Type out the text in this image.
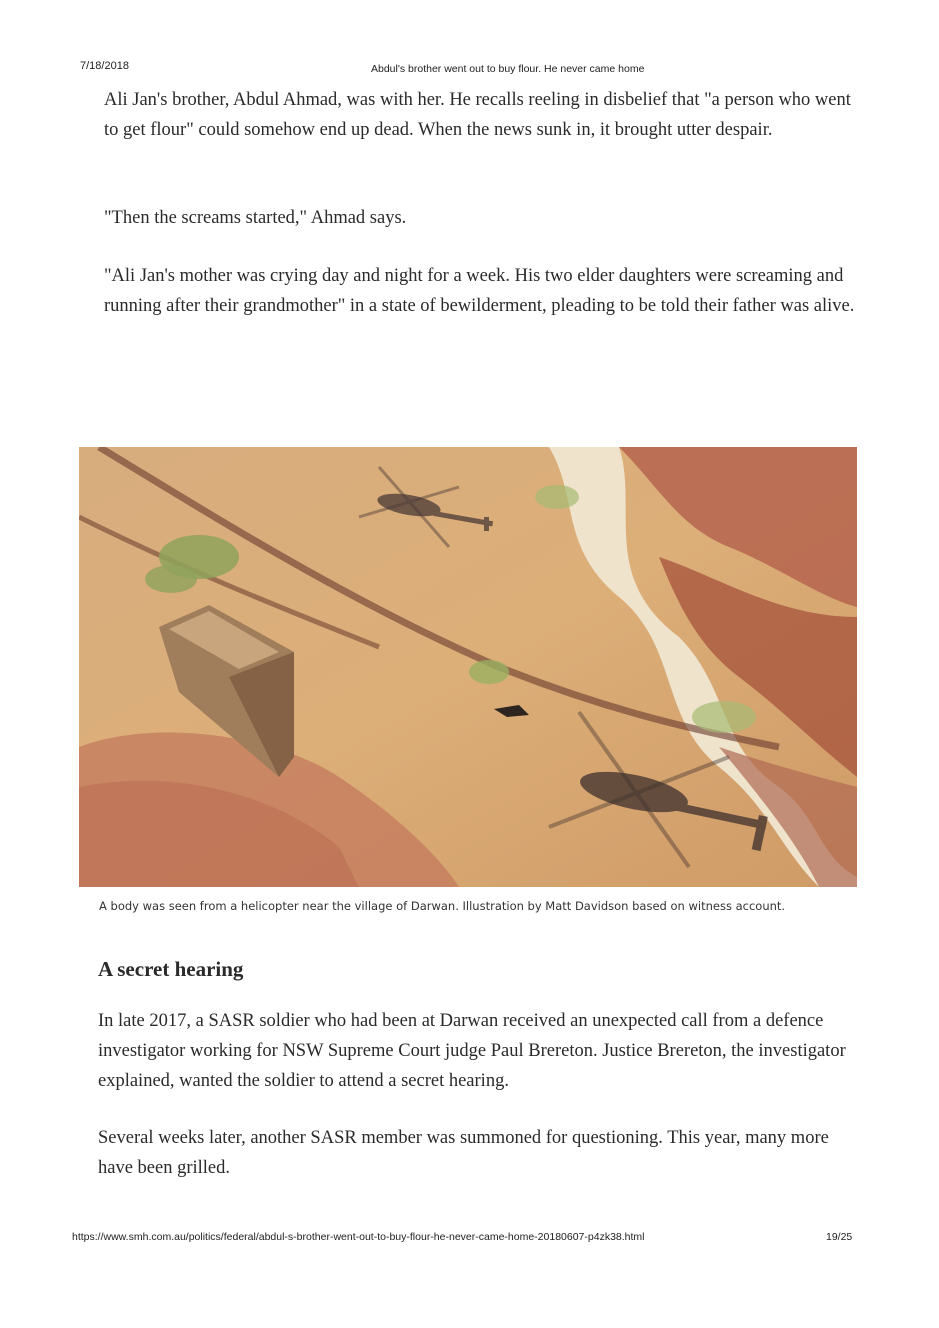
7/18/2018	Abdul's brother went out to buy flour. He never came home

Ali Jan's brother, Abdul Ahmad, was with her. He recalls reeling in disbelief that "a person who went to get flour" could somehow end up dead. When the news sunk in, it brought utter despair.

"Then the screams started," Ahmad says.

"Ali Jan's mother was crying day and night for a week. His two elder daughters were screaming and running after their grandmother" in a state of bewilderment, pleading to be told their father was alive.

A body was seen from a helicopter near the village of Darwan. Illustration by Matt Davidson based on witness account.
A secret hearing

In late 2017, a SASR soldier who had been at Darwan received an unexpected call from a defence investigator working for NSW Supreme Court judge Paul Brereton. Justice Brereton, the investigator explained, wanted the soldier to attend a secret hearing.

Several weeks later, another SASR member was summoned for questioning. This year, many more have been grilled.

https://www.smh.com.au/politics/federal/abdul-s-brother-went-out-to-buy-flour-he-never-came-home-20180607-p4zk38.html	19/25
